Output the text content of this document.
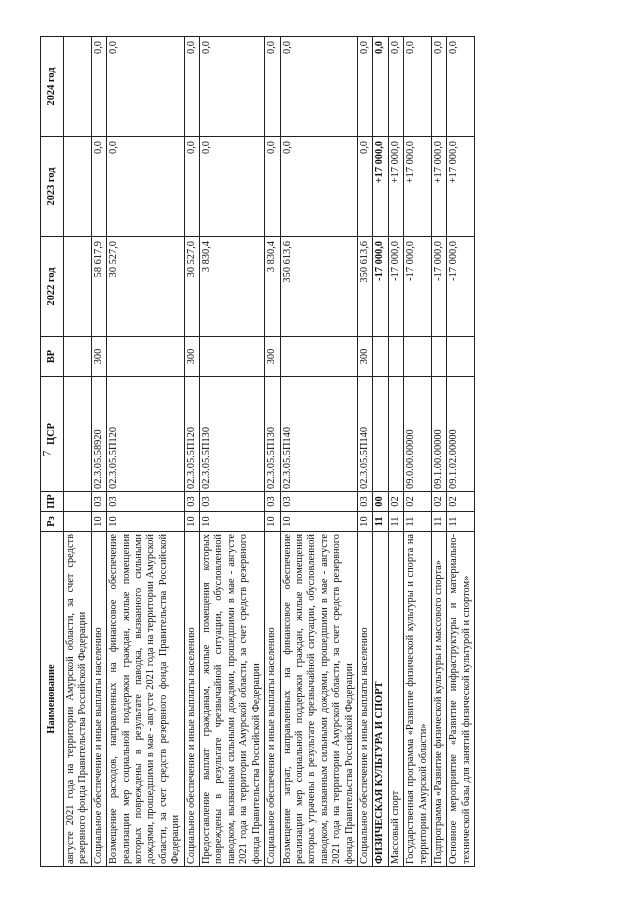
7
Наименование	Рз	ПР	ЦСР	ВР	2022 год	2023 год	2024 год
августе 2021 года на территории Амурской области, за счет средств резервного фонда Правительства Российской Федерации							
Социальное обеспечение и иные выплаты населению	10	03	02.3.05.58920	300	58 617,9	0,0	0,0
Возмещение расходов, направленных на финансовое обеспечение реализации мер социальной поддержки граждан, жилые помещения которых повреждены в результате паводка, вызванного сильными дождями, прошедшими в мае - августе 2021 года на территории Амурской области, за счет средств резервного фонда Правительства Российской Федерации	10	03	02.3.05.5П120		30 527,0	0,0	0,0
Социальное обеспечение и иные выплаты населению	10	03	02.3.05.5П120	300	30 527,0	0,0	0,0
Предоставление выплат гражданам, жилые помещения которых повреждены в результате чрезвычайной ситуации, обусловленной паводком, вызванным сильными дождями, прошедшими в мае - августе 2021 года на территории Амурской области, за счет средств резервного фонда Правительства Российской Федерации	10	03	02.3.05.5П130		3 830,4	0,0	0,0
Социальное обеспечение и иные выплаты населению	10	03	02.3.05.5П130	300	3 830,4	0,0	0,0
Возмещение затрат, направленных на финансовое обеспечение реализации мер социальной поддержки граждан, жилые помещения которых утрачены в результате чрезвычайной ситуации, обусловленной паводком, вызванным сильными дождями, прошедшими в мае - августе 2021 года на территории Амурской области, за счет средств резервного фонда Правительства Российской Федерации	10	03	02.3.05.5П140		350 613,6	0,0	0,0
Социальное обеспечение и иные выплаты населению	10	03	02.3.05.5П140	300	350 613,6	0,0	0,0
ФИЗИЧЕСКАЯ КУЛЬТУРА И СПОРТ	11	00			-17 000,0	+17 000,0	0,0
Массовый спорт	11	02			-17 000,0	+17 000,0	0,0
Государственная программа «Развитие физической культуры и спорта на территории Амурской области»	11	02	09.0.00.00000		-17 000,0	+17 000,0	0,0
Подпрограмма «Развитие физической культуры и массового спорта»	11	02	09.1.00.00000		-17 000,0	+17 000,0	0,0
Основное мероприятие «Развитие инфраструктуры и материально-технической базы для занятий физической культурой и спортом»	11	02	09.1.02.00000		-17 000,0	+17 000,0	0,0
